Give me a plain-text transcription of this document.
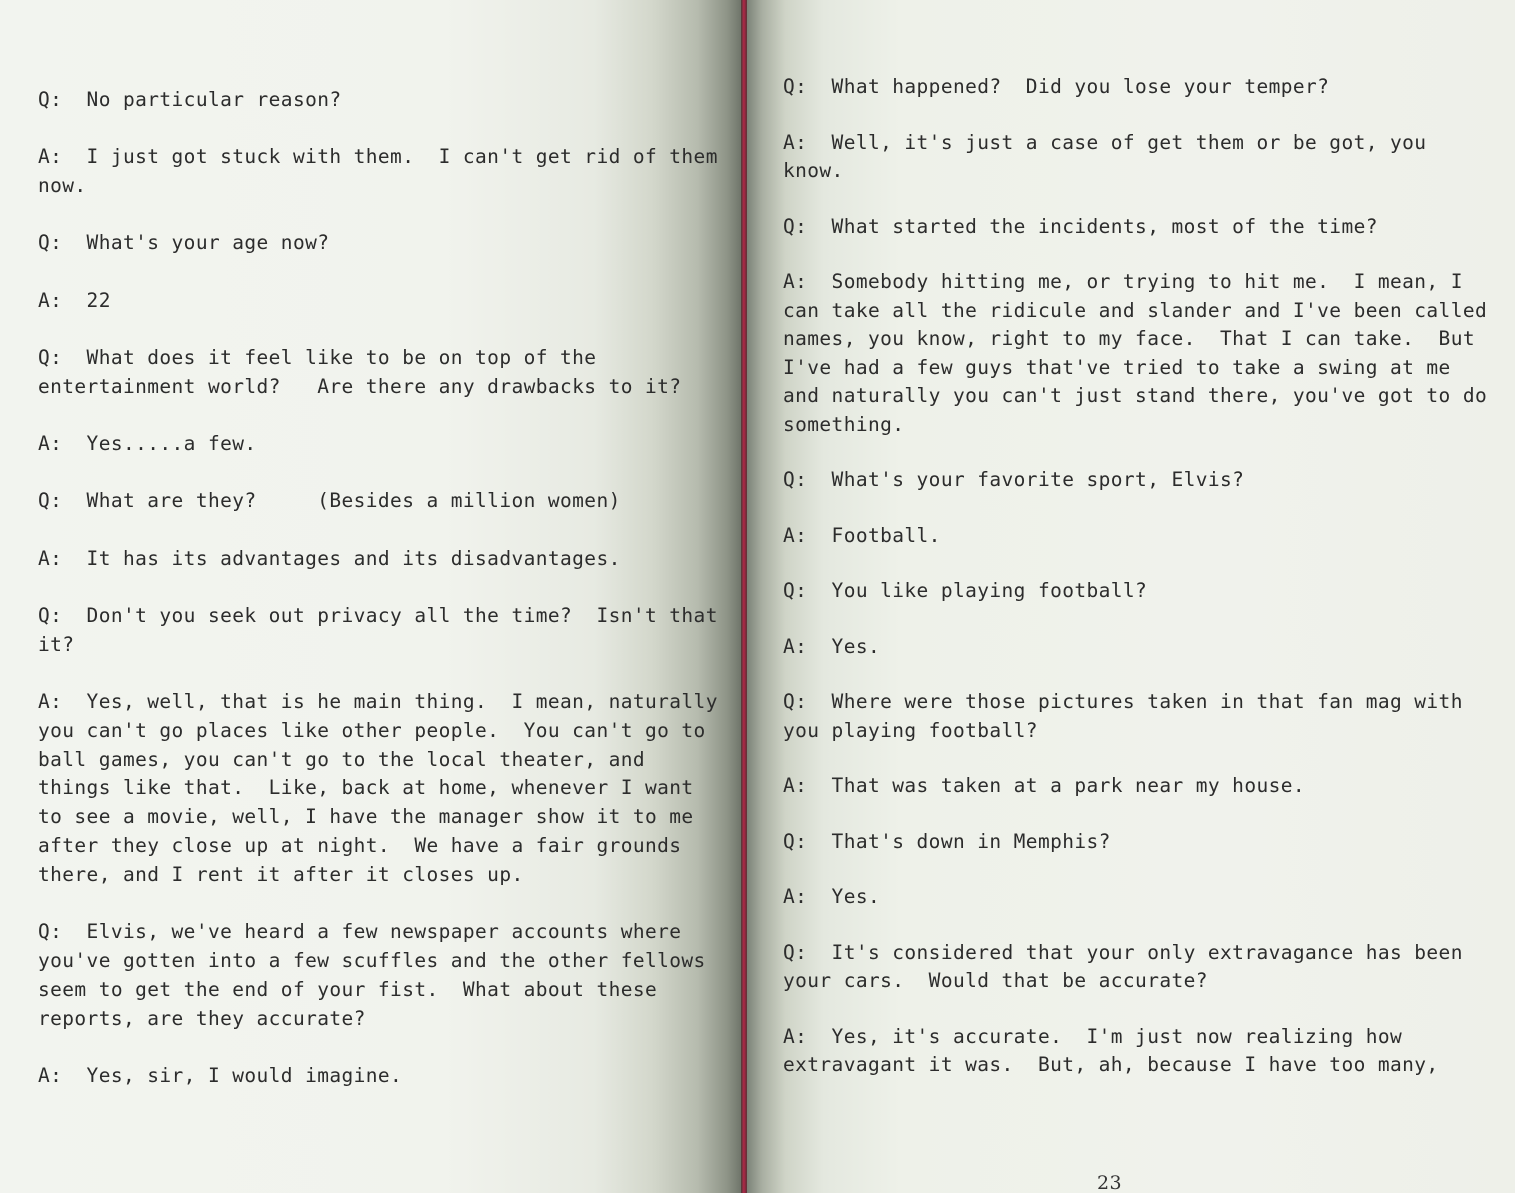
Q:  No particular reason?

A:  I just got stuck with them.  I can't get rid of them now.

Q:  What's your age now?

A:  22

Q:  What does it feel like to be on top of the entertainment world?   Are there any drawbacks to it?

A:  Yes.....a few.

Q:  What are they?     (Besides a million women)

A:  It has its advantages and its disadvantages.

Q:  Don't you seek out privacy all the time?  Isn't that it?

A:  Yes, well, that is he main thing.  I mean, naturally you can't go places like other people.  You can't go to ball games, you can't go to the local theater, and things like that.  Like, back at home, whenever I want to see a movie, well, I have the manager show it to me after they close up at night.  We have a fair grounds there, and I rent it after it closes up.

Q:  Elvis, we've heard a few newspaper accounts where you've gotten into a few scuffles and the other fellows seem to get the end of your fist.  What about these reports, are they accurate?

A:  Yes, sir, I would imagine.

Q:  What happened?  Did you lose your temper?

A:  Well, it's just a case of get them or be got, you know.

Q:  What started the incidents, most of the time?

A:  Somebody hitting me, or trying to hit me.  I mean, I can take all the ridicule and slander and I've been called names, you know, right to my face.  That I can take.  But I've had a few guys that've tried to take a swing at me and naturally you can't just stand there, you've got to do something.

Q:  What's your favorite sport, Elvis?

A:  Football.

Q:  You like playing football?

A:  Yes.

Q:  Where were those pictures taken in that fan mag with you playing football?

A:  That was taken at a park near my house.

Q:  That's down in Memphis?

A:  Yes.

Q:  It's considered that your only extravagance has been your cars.  Would that be accurate?

A:  Yes, it's accurate.  I'm just now realizing how extravagant it was.  But, ah, because I have too many,

23
